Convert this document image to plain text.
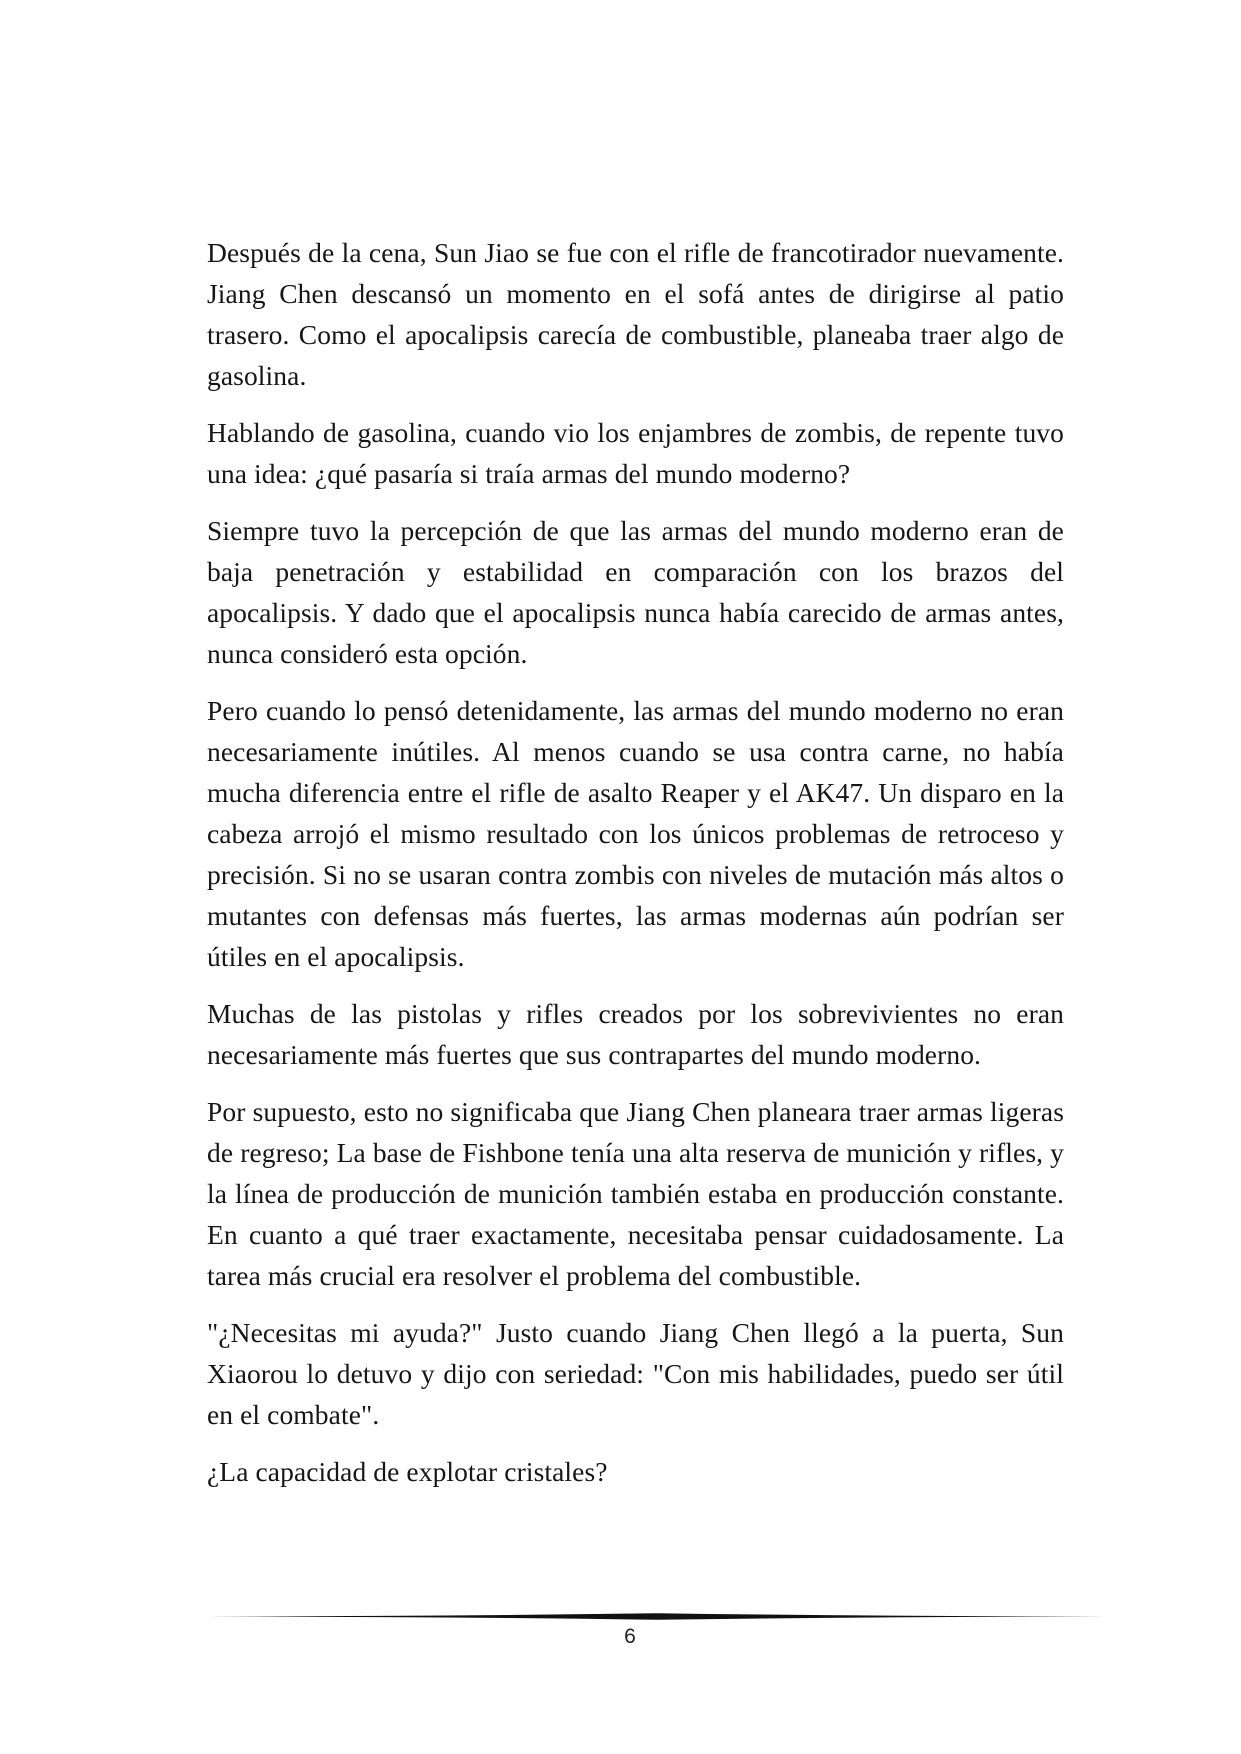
Después de la cena, Sun Jiao se fue con el rifle de francotirador nuevamente. Jiang Chen descansó un momento en el sofá antes de dirigirse al patio trasero. Como el apocalipsis carecía de combustible, planeaba traer algo de gasolina.

Hablando de gasolina, cuando vio los enjambres de zombis, de repente tuvo una idea: ¿qué pasaría si traía armas del mundo moderno?

Siempre tuvo la percepción de que las armas del mundo moderno eran de baja penetración y estabilidad en comparación con los brazos del apocalipsis. Y dado que el apocalipsis nunca había carecido de armas antes, nunca consideró esta opción.

Pero cuando lo pensó detenidamente, las armas del mundo moderno no eran necesariamente inútiles. Al menos cuando se usa contra carne, no había mucha diferencia entre el rifle de asalto Reaper y el AK47. Un disparo en la cabeza arrojó el mismo resultado con los únicos problemas de retroceso y precisión. Si no se usaran contra zombis con niveles de mutación más altos o mutantes con defensas más fuertes, las armas modernas aún podrían ser útiles en el apocalipsis.

Muchas de las pistolas y rifles creados por los sobrevivientes no eran necesariamente más fuertes que sus contrapartes del mundo moderno.

Por supuesto, esto no significaba que Jiang Chen planeara traer armas ligeras de regreso; La base de Fishbone tenía una alta reserva de munición y rifles, y la línea de producción de munición también estaba en producción constante. En cuanto a qué traer exactamente, necesitaba pensar cuidadosamente. La tarea más crucial era resolver el problema del combustible.

"¿Necesitas mi ayuda?" Justo cuando Jiang Chen llegó a la puerta, Sun Xiaorou lo detuvo y dijo con seriedad: "Con mis habilidades, puedo ser útil en el combate".

¿La capacidad de explotar cristales?

6
